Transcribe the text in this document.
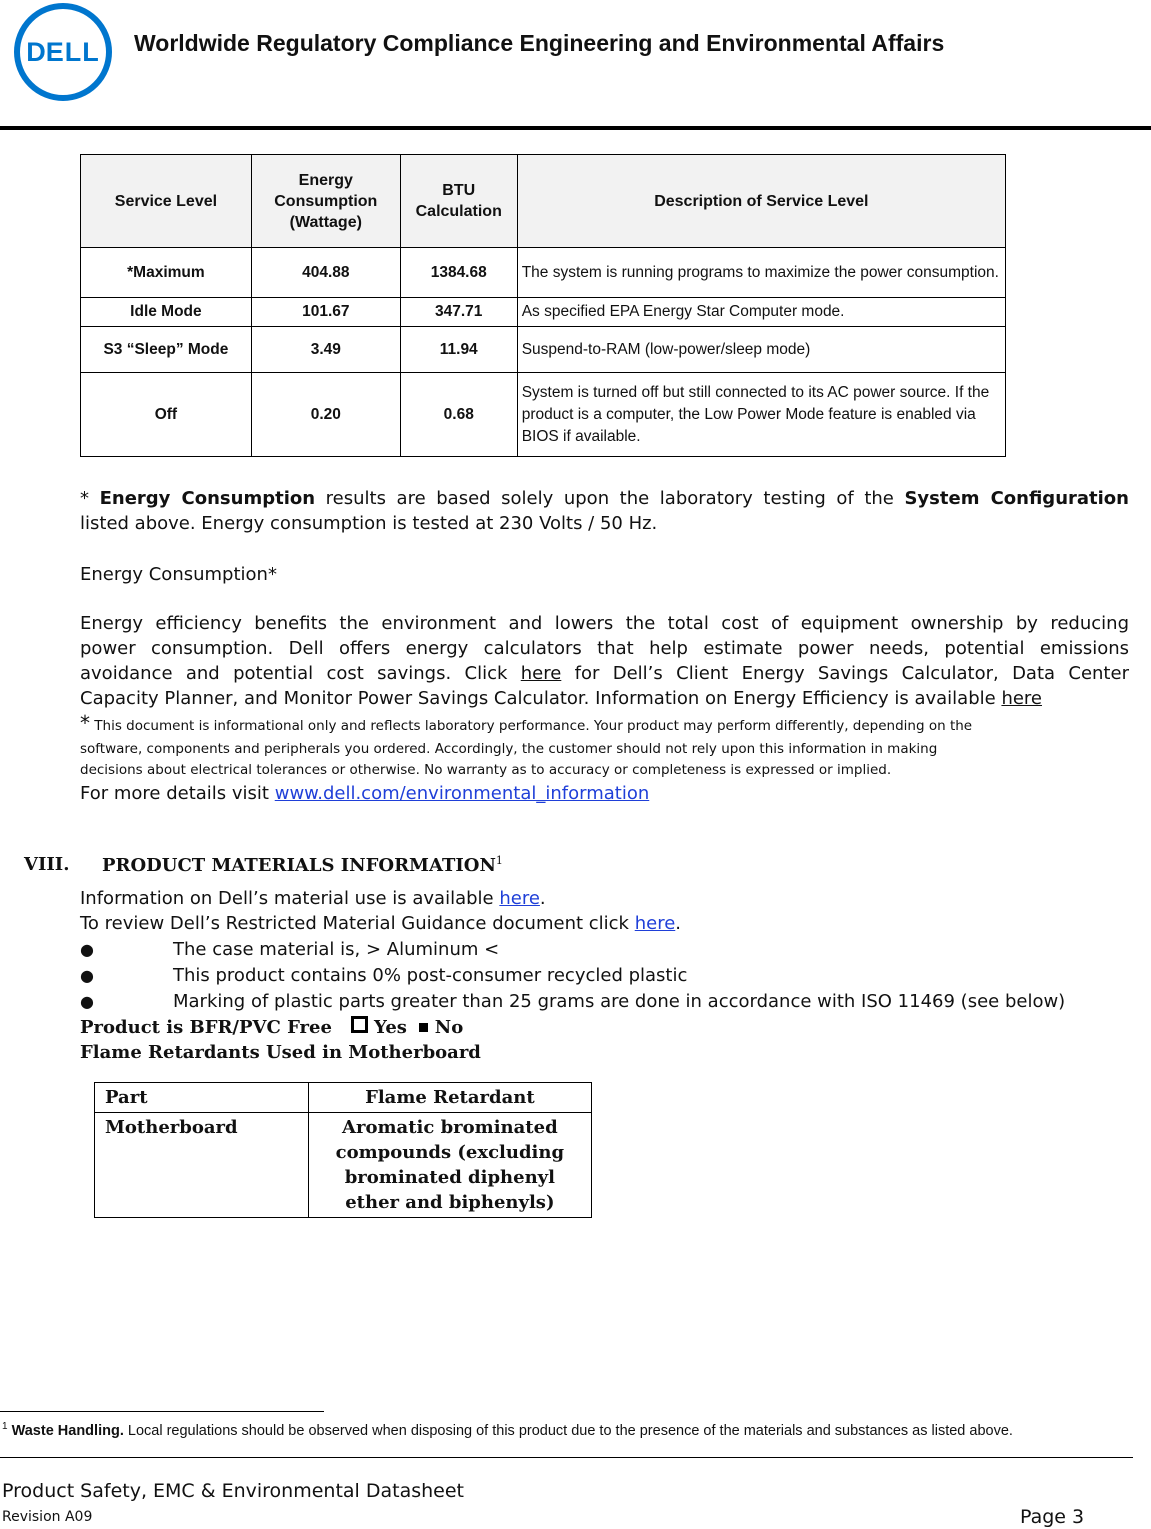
DELL Worldwide Regulatory Compliance Engineering and Environmental Affairs
Service Level	Energy Consumption (Wattage)	BTU Calculation	Description of Service Level
*Maximum	404.88	1384.68	The system is running programs to maximize the power consumption.
Idle Mode	101.67	347.71	As specified EPA Energy Star Computer mode.
S3 “Sleep” Mode	3.49	11.94	Suspend-to-RAM (low-power/sleep mode)
Off	0.20	0.68	System is turned off but still connected to its AC power source. If the product is a computer, the Low Power Mode feature is enabled via BIOS if available.
* Energy Consumption results are based solely upon the laboratory testing of the System Configuration
listed above. Energy consumption is tested at 230 Volts / 50 Hz.
Energy Consumption*
Energy efficiency benefits the environment and lowers the total cost of equipment ownership by reducing
power consumption. Dell offers energy calculators that help estimate power needs, potential emissions
avoidance and potential cost savings. Click here for Dell’s Client Energy Savings Calculator, Data Center
Capacity Planner, and Monitor Power Savings Calculator. Information on Energy Efficiency is available here
* This document is informational only and reflects laboratory performance. Your product may perform differently, depending on the
software, components and peripherals you ordered. Accordingly, the customer should not rely upon this information in making
decisions about electrical tolerances or otherwise. No warranty as to accuracy or completeness is expressed or implied.
For more details visit www.dell.com/environmental_information
VIII. PRODUCT MATERIALS INFORMATION$^1$
Information on Dell’s material use is available here.
To review Dell’s Restricted Material Guidance document click here.
●	The case material is, > Aluminum <
●	This product contains 0% post-consumer recycled plastic
●	Marking of plastic parts greater than 25 grams are done in accordance with ISO 11469 (see below)
Product is BFR/PVC Free Yes No
Flame Retardants Used in Motherboard
Part	Flame Retardant
Motherboard	Aromatic brominated compounds (excluding brominated diphenyl ether and biphenyls)
$^1$ Waste Handling. Local regulations should be observed when disposing of this product due to the presence of the materials and substances as listed above.
Product Safety, EMC & Environmental Datasheet
Revision A09	Page 3
